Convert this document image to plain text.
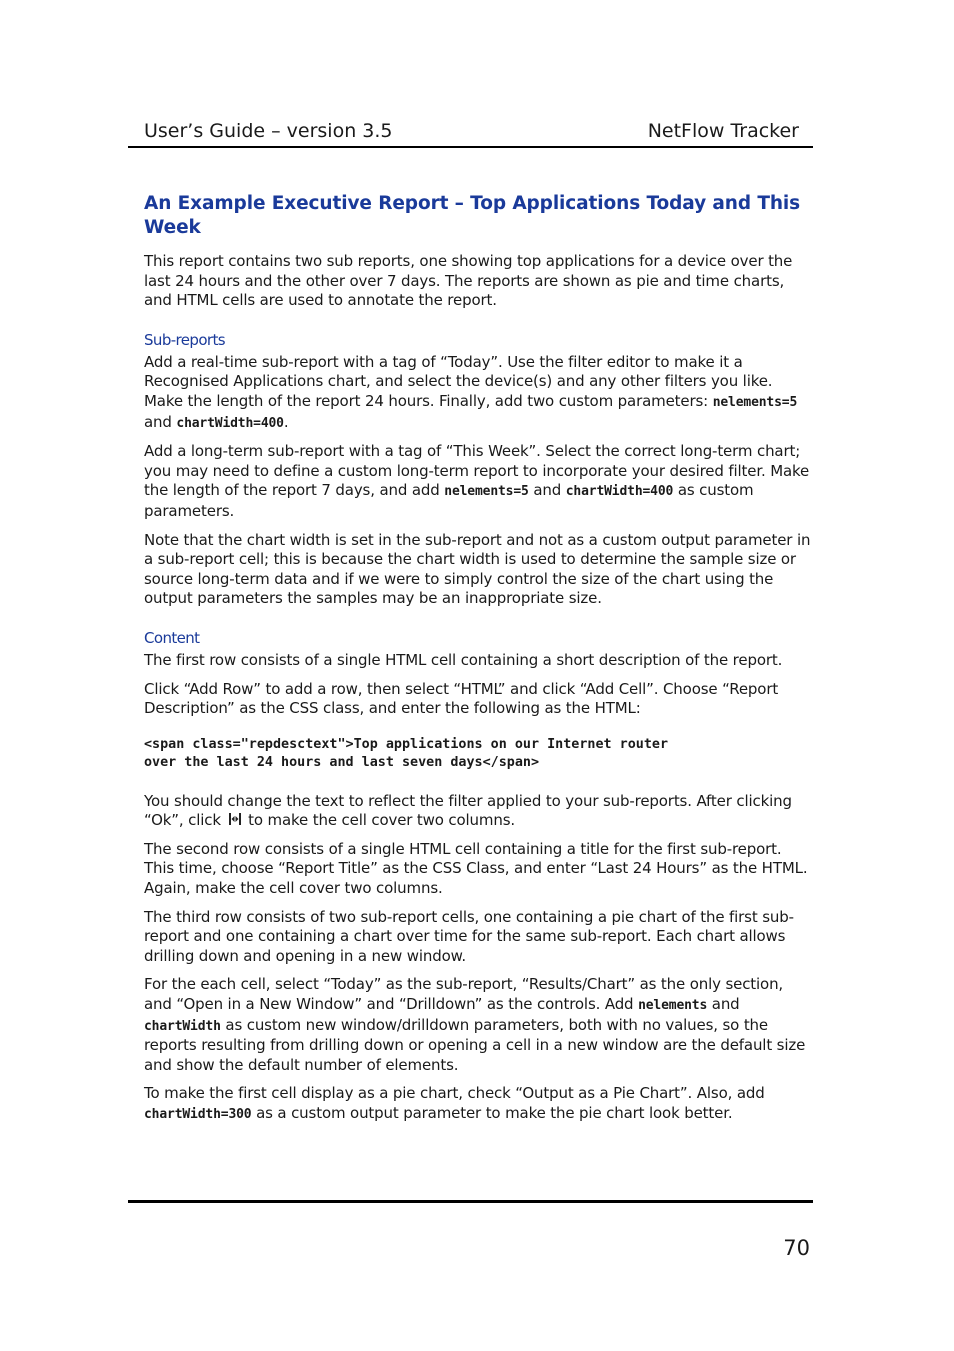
User’s Guide – version 3.5	NetFlow Tracker
An Example Executive Report – Top Applications Today and This Week

This report contains two sub reports, one showing top applications for a device over the last 24 hours and the other over 7 days. The reports are shown as pie and time charts, and HTML cells are used to annotate the report.

Sub-reports

Add a real-time sub-report with a tag of “Today”. Use the filter editor to make it a Recognised Applications chart, and select the device(s) and any other filters you like. Make the length of the report 24 hours. Finally, add two custom parameters: nelements=5 and chartWidth=400.

Add a long-term sub-report with a tag of “This Week”. Select the correct long-term chart; you may need to define a custom long-term report to incorporate your desired filter. Make the length of the report 7 days, and add nelements=5 and chartWidth=400 as custom parameters.

Note that the chart width is set in the sub-report and not as a custom output parameter in a sub-report cell; this is because the chart width is used to determine the sample size or source long-term data and if we were to simply control the size of the chart using the output parameters the samples may be an inappropriate size.

Content

The first row consists of a single HTML cell containing a short description of the report.

Click “Add Row” to add a row, then select “HTML” and click “Add Cell”. Choose “Report Description” as the CSS class, and enter the following as the HTML:

<span class="repdesctext">Top applications on our Internet router
over the last 24 hours and last seven days</span>

You should change the text to reflect the filter applied to your sub-reports. After clicking “Ok”, click  to make the cell cover two columns.

The second row consists of a single HTML cell containing a title for the first sub-report. This time, choose “Report Title” as the CSS Class, and enter “Last 24 Hours” as the HTML. Again, make the cell cover two columns.

The third row consists of two sub-report cells, one containing a pie chart of the first sub-report and one containing a chart over time for the same sub-report. Each chart allows drilling down and opening in a new window.

For the each cell, select “Today” as the sub-report, “Results/Chart” as the only section, and “Open in a New Window” and “Drilldown” as the controls. Add nelements and chartWidth as custom new window/drilldown parameters, both with no values, so the reports resulting from drilling down or opening a cell in a new window are the default size and show the default number of elements.

To make the first cell display as a pie chart, check “Output as a Pie Chart”. Also, add chartWidth=300 as a custom output parameter to make the pie chart look better.

70
